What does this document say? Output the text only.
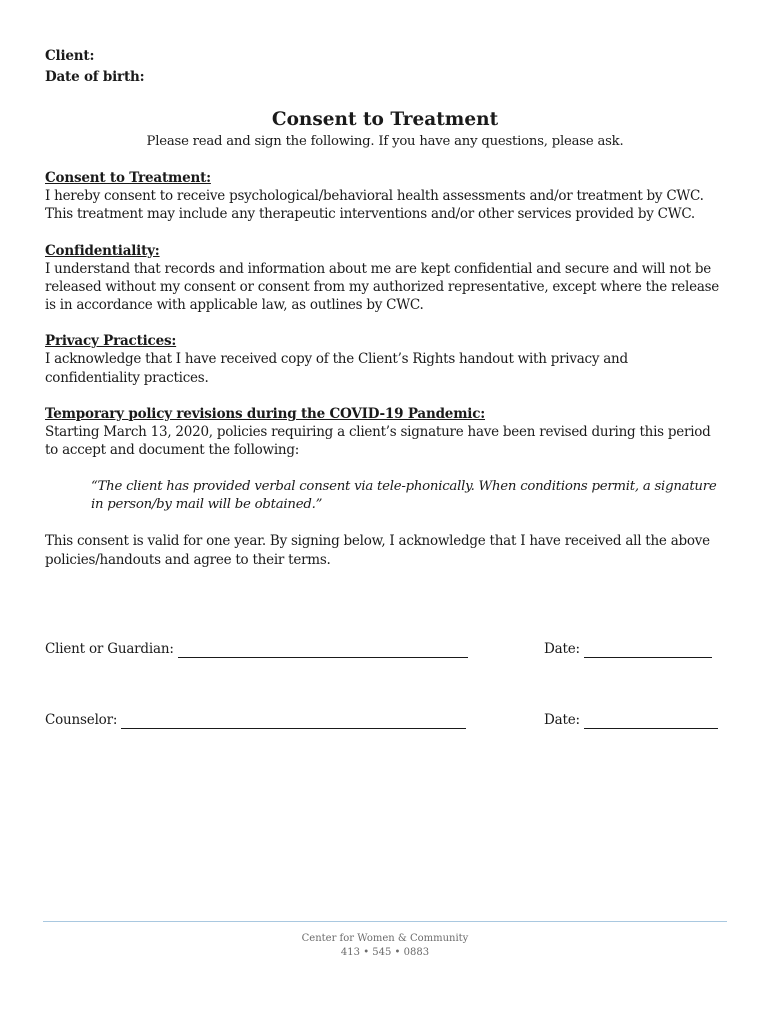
Client:
Date of birth:
Consent to Treatment
Please read and sign the following. If you have any questions, please ask.
Consent to Treatment:
I hereby consent to receive psychological/behavioral health assessments and/or treatment by CWC. This treatment may include any therapeutic interventions and/or other services provided by CWC.
Confidentiality:
I understand that records and information about me are kept confidential and secure and will not be released without my consent or consent from my authorized representative, except where the release is in accordance with applicable law, as outlines by CWC.
Privacy Practices:
I acknowledge that I have received copy of the Client’s Rights handout with privacy and confidentiality practices.
Temporary policy revisions during the COVID-19 Pandemic:
Starting March 13, 2020, policies requiring a client’s signature have been revised during this period to accept and document the following:
“The client has provided verbal consent via tele-phonically. When conditions permit, a signature in person/by mail will be obtained.”
This consent is valid for one year. By signing below, I acknowledge that I have received all the above policies/handouts and agree to their terms.
Client or Guardian:	Date:
Counselor:	Date:
Center for Women & Community
413 • 545 • 0883
